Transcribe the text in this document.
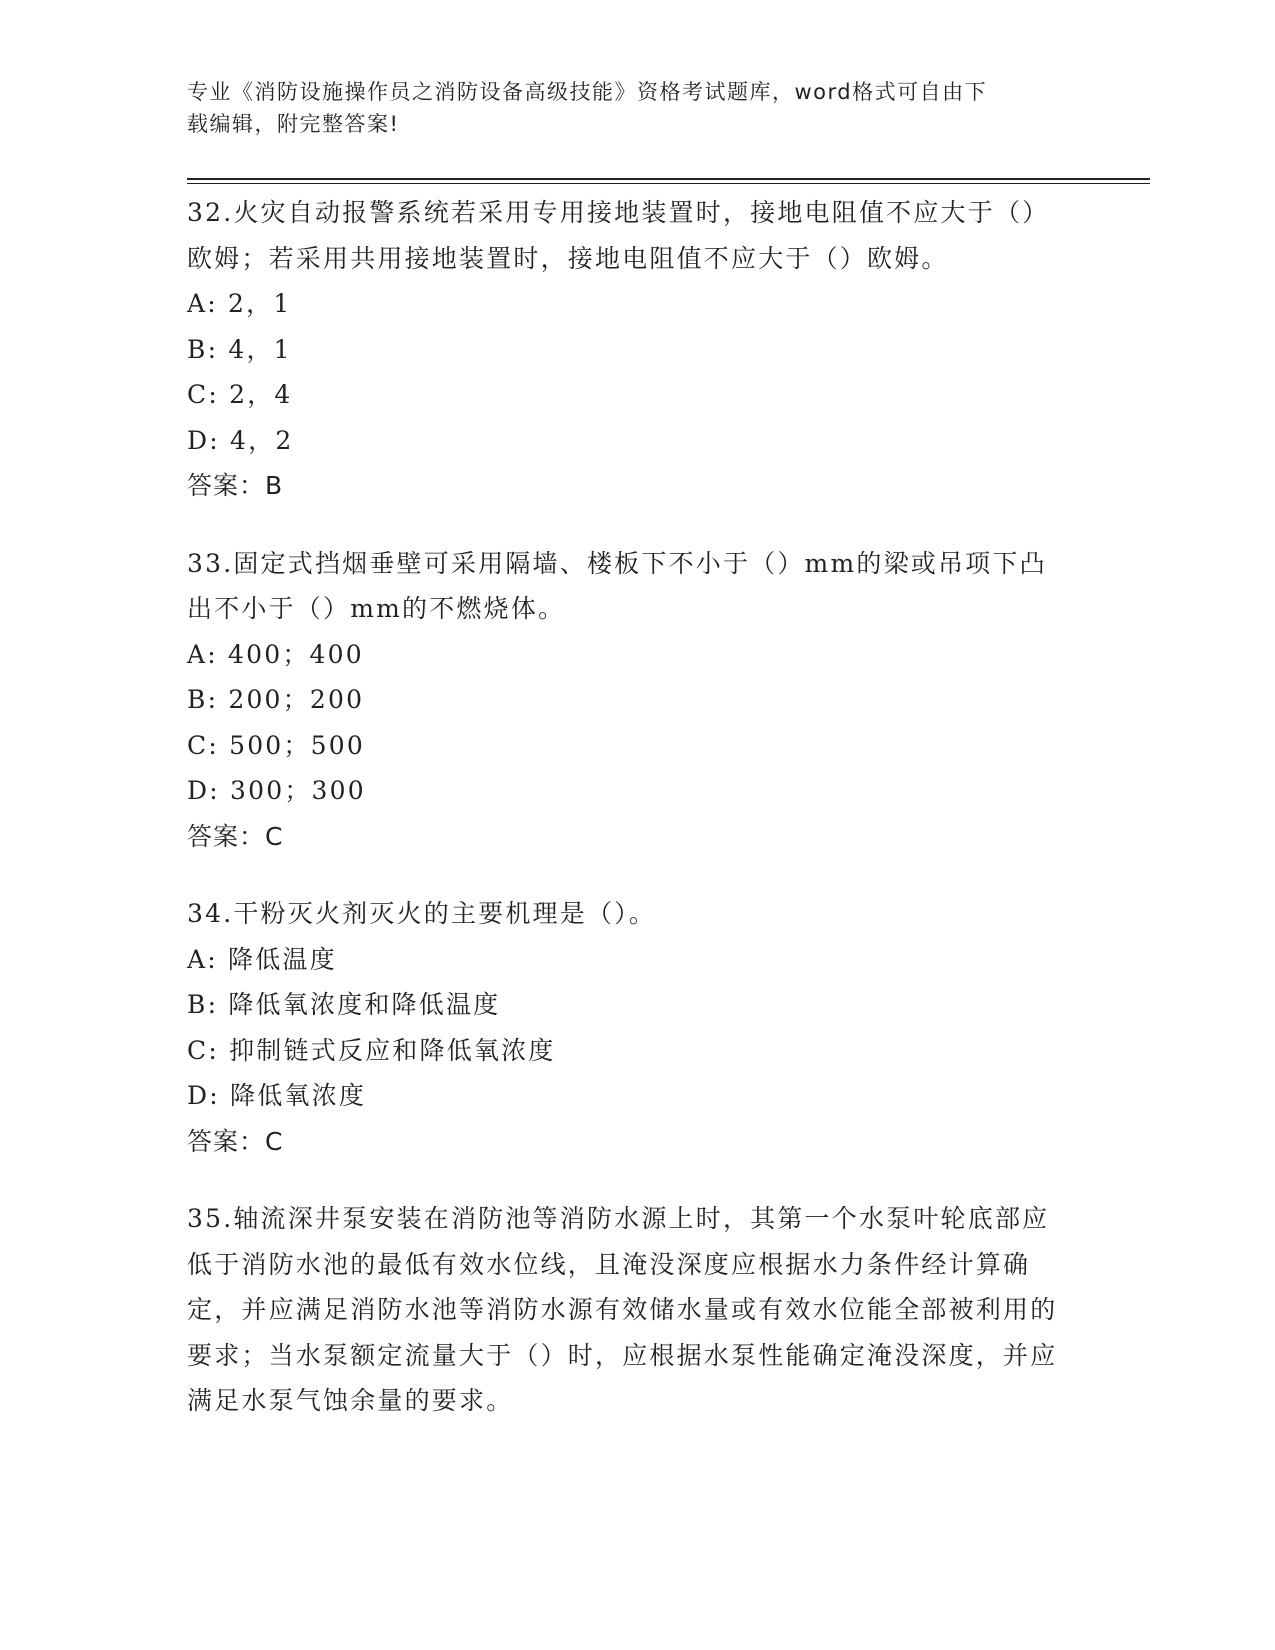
专业《消防设施操作员之消防设备高级技能》资格考试题库，word格式可自由下
载编辑，附完整答案!
32.火灾自动报警系统若采用专用接地装置时，接地电阻值不应大于（）欧姆；若采用共用接地装置时，接地电阻值不应大于（）欧姆。
A: 2，1
B: 4，1
C: 2，4
D: 4，2
答案：B
33.固定式挡烟垂壁可采用隔墙、楼板下不小于（）mm的梁或吊项下凸出不小于（）mm的不燃烧体。
A: 400；400
B: 200；200
C: 500；500
D: 300；300
答案：C
34.干粉灭火剂灭火的主要机理是（）。
A: 降低温度
B: 降低氧浓度和降低温度
C: 抑制链式反应和降低氧浓度
D: 降低氧浓度
答案：C
35.轴流深井泵安装在消防池等消防水源上时，其第一个水泵叶轮底部应低于消防水池的最低有效水位线，且淹没深度应根据水力条件经计算确定，并应满足消防水池等消防水源有效储水量或有效水位能全部被利用的要求；当水泵额定流量大于（）时，应根据水泵性能确定淹没深度，并应满足水泵气蚀余量的要求。
